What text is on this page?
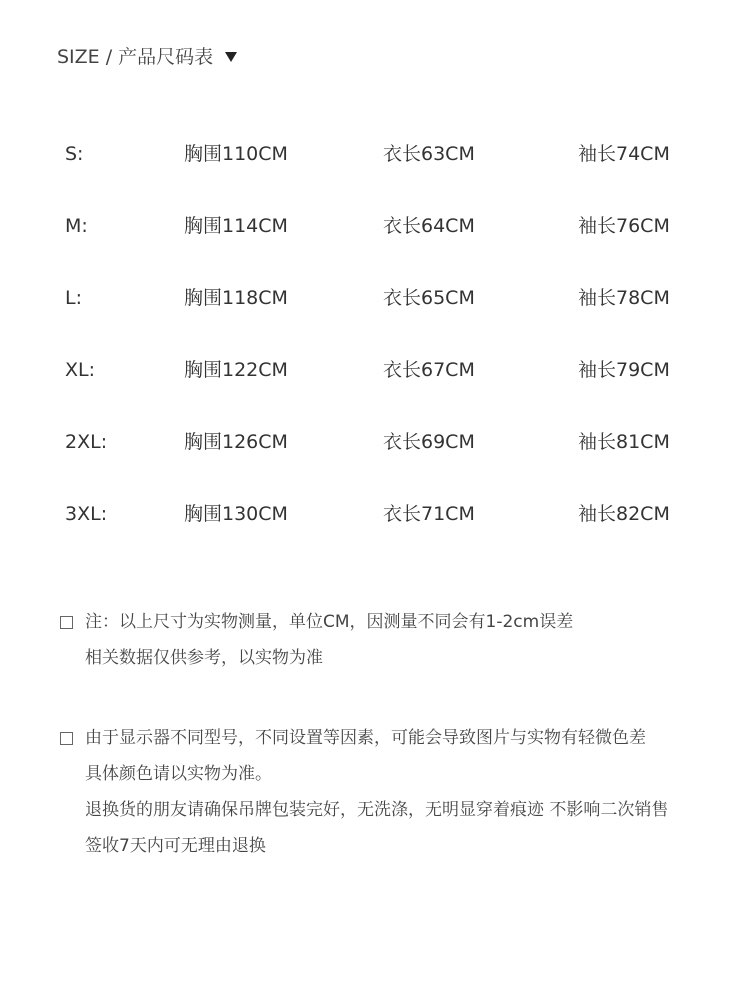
SIZE / 产品尺码表
S:	胸围110CM	衣长63CM	袖长74CM
M:	胸围114CM	衣长64CM	袖长76CM
L:	胸围118CM	衣长65CM	袖长78CM
XL:	胸围122CM	衣长67CM	袖长79CM
2XL:	胸围126CM	衣长69CM	袖长81CM
3XL:	胸围130CM	衣长71CM	袖长82CM
注：以上尺寸为实物测量，单位CM，因测量不同会有1-2cm误差
相关数据仅供参考，以实物为准
由于显示器不同型号，不同设置等因素，可能会导致图片与实物有轻微色差
具体颜色请以实物为准。
退换货的朋友请确保吊牌包装完好，无洗涤，无明显穿着痕迹 不影响二次销售
签收7天内可无理由退换
